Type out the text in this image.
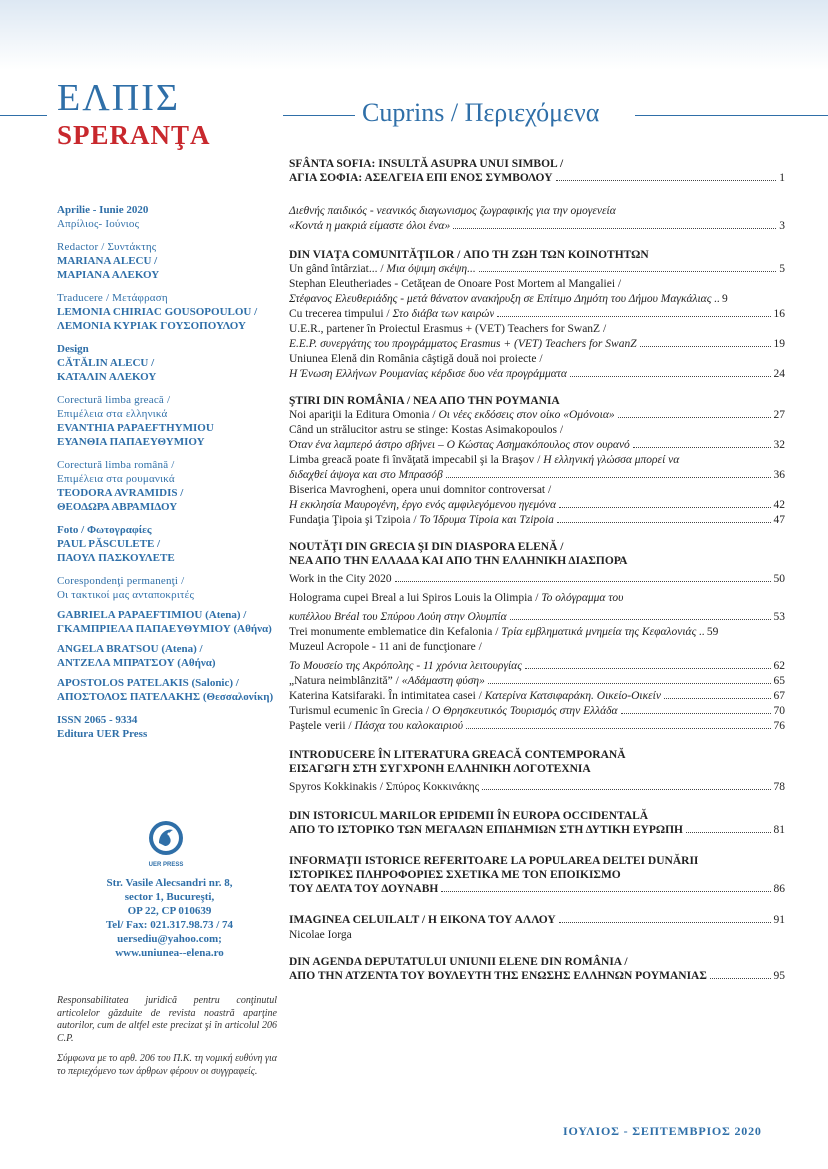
ΕΛΠΙΣ
SPERANŢA
Cuprins / Περιεχόμενα
Aprilie - Iunie 2020
Απρίλιος- Ιούνιος
Redactor / Συντάκτης
MARIANA ALECU /
ΜΑΡΙΑΝΑ ΑΛΕΚΟΥ
Traducere / Μετάφραση
LEMONIA CHIRIAC GOUSOPOULOU /
ΛΕΜΟΝΙΑ ΚΥΡΙΑΚ ΓΟΥΣΟΠΟΥΛΟΥ
Design
CĂTĂLIN ALECU /
ΚΑΤΑΛΙΝ ΑΛΕΚΟΥ
Corectură limba greacă /
Επιμέλεια στα ελληνικά
EVANTHIA PAPAEFTHYMIOU
ΕΥΑΝΘΙΑ ΠΑΠΑΕΥΘΥΜΙΟΥ
Corectură limba română /
Επιμέλεια στα ρουμανικά
TEODORA AVRAMIDIS /
ΘΕΟΔΩΡΑ ΑΒΡΑΜΙΔΟΥ
Foto / Φωτογραφίες
PAUL PĂSCULETE /
ΠΑΟΥΛ ΠΑΣΚΟΥΛΕΤΕ
Corespondenţi permanenţi /
Οι τακτικοί μας ανταποκριτές
GABRIELA PAPAEFTIMIOU (Atena) /
ΓΚΑΜΠΡΙΕΛΑ ΠΑΠΑΕΥΘΥΜΙΟΥ (Αθήνα)
ANGELA BRATSOU (Atena) /
ΑΝΤΖΕΛΑ ΜΠΡΑΤΣΟΥ (Αθήνα)
APOSTOLOS PATELAKIS (Salonic) /
ΑΠΟΣΤΟΛΟΣ ΠΑΤΕΛΑΚΗΣ (Θεσσαλονίκη)
ISSN 2065 - 9334
Editura UER Press
UER PRESS
Str. Vasile Alecsandri nr. 8,
sector 1, Bucureşti,
OP 22, CP 010639
Tel/ Fax: 021.317.98.73 / 74
uersediu@yahoo.com;
www.uniunea--elena.ro
Responsabilitatea juridică pentru conţinutul articolelor găzduite de revista noastră aparţine autorilor, cum de altfel este precizat şi în articolul 206 C.P.
Σύμφωνα με το αρθ. 206 του Π.Κ. τη νομική ευθύνη για το περιεχόμενο των άρθρων φέρουν οι συγγραφείς.
SFÂNTA SOFIA: INSULTĂ ASUPRA UNUI SIMBOL /
ΑΓΙΑ ΣΟΦΙΑ: ΑΣΕΛΓΕΙΑ ΕΠΙ ΕΝΟΣ ΣΥΜΒΟΛΟΥ	1
Διεθνής παιδικός - νεανικός διαγωνισμος ζωγραφικής για την ομογενεία
«Κοντά η μακριά είμαστε όλοι ένα»	3
DIN VIAŢA COMUNITĂŢILOR / ΑΠΟ ΤΗ ΖΩΗ ΤΩΝ ΚΟΙΝΟΤΗΤΩΝ
Un gând întârziat... / Μια όψιμη σκέψη...	5
Stephan Eleutheriades - Cetăţean de Onoare Post Mortem al Mangaliei /
Στέφανος Ελευθεριάδης - μετά θάνατον ανακήρυξη σε Επίτιμο Δημότη του Δήμου Μαγκάλιας .. 9
Cu trecerea timpului / Στο διάβα των καιρών	16
U.E.R., partener în Proiectul Erasmus + (VET) Teachers for SwanZ /
Ε.Ε.Ρ. συνεργάτης του προγράμματος Erasmus + (VET) Teachers for SwanZ	19
Uniunea Elenă din România câştigă două noi proiecte /
Η Ένωση Ελλήνων Ρουμανίας κέρδισε δυο νέα προγράμματα	24
ŞTIRI DIN ROMÂNIA / ΝΕΑ ΑΠΟ ΤΗΝ ΡΟΥΜΑΝΙΑ
Noi apariţii la Editura Omonia / Οι νέες εκδόσεις στον οίκο «Ομόνοια»	27
Când un strălucitor astru se stinge: Kostas Asimakopoulos /
Όταν ένα λαμπερό άστρο σβήνει – Ο Κώστας Ασημακόπουλος στον ουρανό	32
Limba greacă poate fi învăţată impecabil şi la Braşov / Η ελληνική γλώσσα μπορεί να
διδαχθεί άψογα και στο Μπρασόβ	36
Biserica Mavrogheni, opera unui domnitor controversat /
Η εκκλησία Μαυρογένη, έργο ενός αμφιλεγόμενου ηγεμόνα	42
Fundaţia Ţipoia şi Tzipoia / Το Ίδρυμα Τίpoia και Τzipoia	47
NOUTĂŢI DIN GRECIA ŞI DIN DIASPORA ELENĂ /
ΝΕΑ ΑΠΟ ΤΗΝ ΕΛΛΑΔΑ ΚΑΙ ΑΠΟ ΤΗΝ ΕΛΛΗΝΙΚΗ ΔΙΑΣΠΟΡΑ
Work in the City 2020	50
Holograma cupei Breal a lui Spiros Louis la Olimpia / Το ολόγραμμα του
κυπέλλου Bréal του Σπύρου Λούη στην Ολυμπία	53
Trei monumente emblematice din Kefalonia / Τρία εμβληματικά μνημεία της Κεφαλονιάς .. 59
Muzeul Acropole - 11 ani de funcţionare /
Το Μουσείο της Ακρόπολης - 11 χρόνια λειτουργίας	62
„Natura neimblânzită” / «Αδάμαστη φύση»	65
Katerina Katsifaraki. În intimitatea casei / Κατερίνα Κατσιφαράκη. Οικείο-Οικείν	67
Turismul ecumenic în Grecia / Ο Θρησκευτικός Τουρισμός στην Ελλάδα	70
Paştele verii / Πάσχα του καλοκαιριού	76
INTRODUCERE ÎN LITERATURA GREACĂ CONTEMPORANĂ
ΕΙΣΑΓΩΓΗ ΣΤΗ ΣΥΓΧΡΟΝΗ ΕΛΛΗΝΙΚΗ ΛΟΓΟΤΕΧΝΙΑ
Spyros Kokkinakis / Σπύρος Κοκκινάκης	78
DIN ISTORICUL MARILOR EPIDEMII ÎN EUROPA OCCIDENTALĂ
ΑΠΟ ΤΟ ΙΣΤΟΡΙΚΟ ΤΩΝ ΜΕΓΑΛΩΝ ΕΠΙΔΗΜΙΩΝ ΣΤΗ ΔΥΤΙΚΗ ΕΥΡΩΠΗ	81
INFORMAŢII ISTORICE REFERITOARE LA POPULAREA DELTEI DUNĂRII
ΙΣΤΟΡΙΚΕΣ ΠΛΗΡΟΦΟΡΙΕΣ ΣΧΕΤΙΚΑ ΜΕ ΤΟΝ ΕΠΟΙΚΙΣΜΟ
ΤΟΥ ΔΕΛΤΑ ΤΟΥ ΔΟΥΝΑΒΗ	86
IMAGINEA CELUILALT / Η ΕΙΚΟΝΑ ΤΟΥ ΑΛΛΟΥ	91
Nicolae Iorga
DIN AGENDA DEPUTATULUI UNIUNII ELENE DIN ROMÂNIA /
ΑΠΟ ΤΗΝ ΑΤΖΕΝΤΑ ΤΟΥ ΒΟΥΛΕΥΤΗ ΤΗΣ ΕΝΩΣΗΣ ΕΛΛΗΝΩΝ ΡΟΥΜΑΝΙΑΣ	95
ΙΟΥΛΙΟΣ - ΣΕΠΤΕΜΒΡΙΟΣ 2020
